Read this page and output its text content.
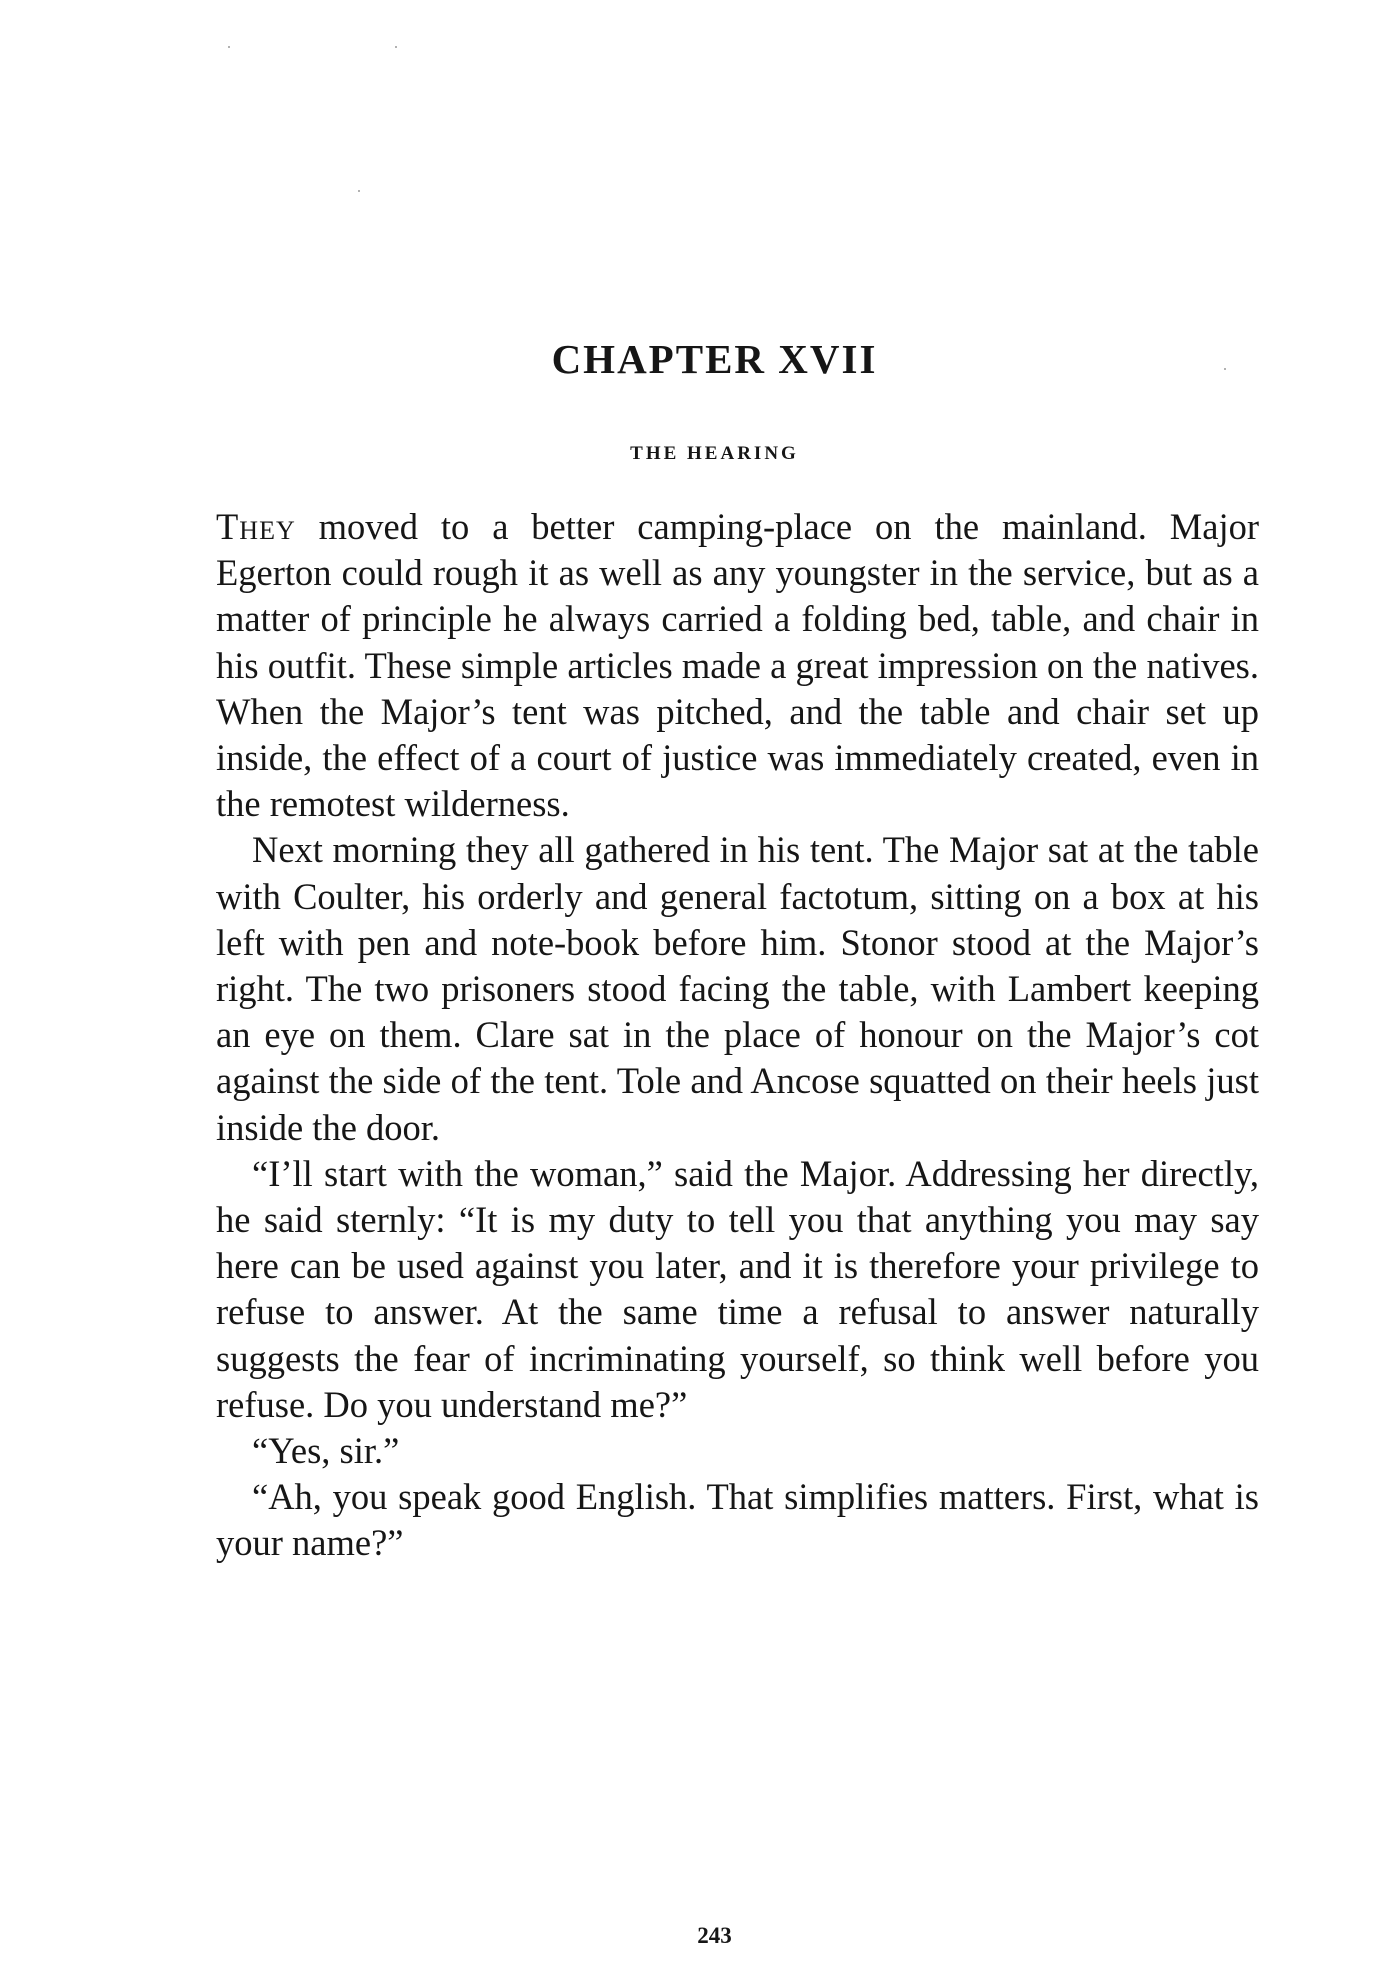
CHAPTER XVII
THE HEARING

They moved to a better camping-place on the mainland. Major Egerton could rough it as well as any youngster in the service, but as a matter of principle he always carried a folding bed, table, and chair in his outfit. These simple articles made a great impression on the natives. When the Major’s tent was pitched, and the table and chair set up inside, the effect of a court of justice was immediately created, even in the remotest wilderness.

Next morning they all gathered in his tent. The Major sat at the table with Coulter, his orderly and general factotum, sitting on a box at his left with pen and note-book before him. Stonor stood at the Major’s right. The two prisoners stood facing the table, with Lambert keeping an eye on them. Clare sat in the place of honour on the Major’s cot against the side of the tent. Tole and Ancose squatted on their heels just inside the door.

“I’ll start with the woman,” said the Major. Addressing her directly, he said sternly: “It is my duty to tell you that anything you may say here can be used against you later, and it is therefore your privilege to refuse to answer. At the same time a refusal to answer naturally suggests the fear of incriminating yourself, so think well before you refuse. Do you understand me?”

“Yes, sir.”

“Ah, you speak good English. That simplifies matters. First, what is your name?”

243
